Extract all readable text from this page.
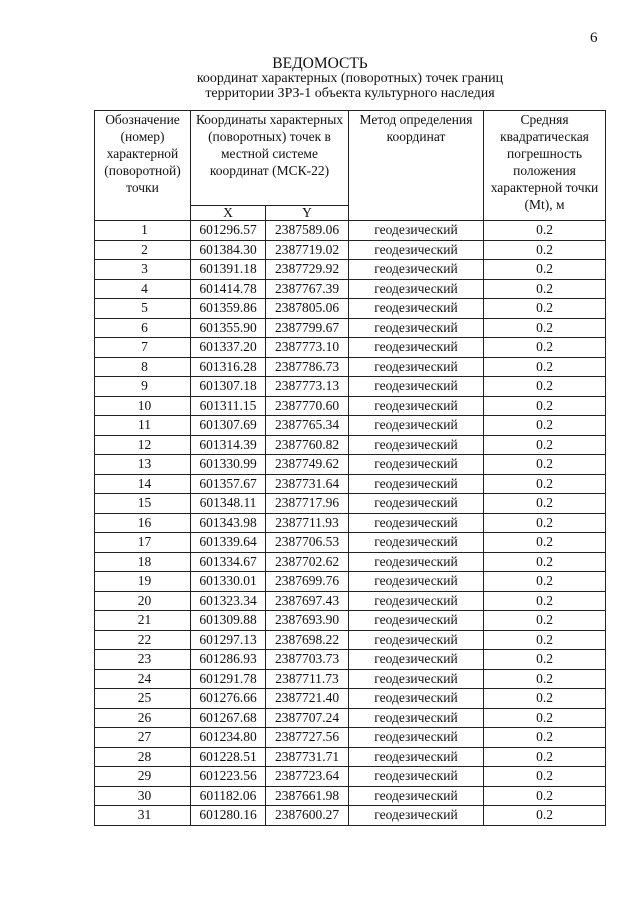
6
ВЕДОМОСТЬ
координат характерных (поворотных) точек границ
территории ЗРЗ-1 объекта культурного наследия
Обозначение (номер) характерной (поворотной) точки	Координаты характерных (поворотных) точек в местной системе координат (МСК-22)		Метод определения координат	Средняя квадратическая погрешность положения характерной точки (Mt), м
	X	Y		
1	601296.57	2387589.06	геодезический	0.2
2	601384.30	2387719.02	геодезический	0.2
3	601391.18	2387729.92	геодезический	0.2
4	601414.78	2387767.39	геодезический	0.2
5	601359.86	2387805.06	геодезический	0.2
6	601355.90	2387799.67	геодезический	0.2
7	601337.20	2387773.10	геодезический	0.2
8	601316.28	2387786.73	геодезический	0.2
9	601307.18	2387773.13	геодезический	0.2
10	601311.15	2387770.60	геодезический	0.2
11	601307.69	2387765.34	геодезический	0.2
12	601314.39	2387760.82	геодезический	0.2
13	601330.99	2387749.62	геодезический	0.2
14	601357.67	2387731.64	геодезический	0.2
15	601348.11	2387717.96	геодезический	0.2
16	601343.98	2387711.93	геодезический	0.2
17	601339.64	2387706.53	геодезический	0.2
18	601334.67	2387702.62	геодезический	0.2
19	601330.01	2387699.76	геодезический	0.2
20	601323.34	2387697.43	геодезический	0.2
21	601309.88	2387693.90	геодезический	0.2
22	601297.13	2387698.22	геодезический	0.2
23	601286.93	2387703.73	геодезический	0.2
24	601291.78	2387711.73	геодезический	0.2
25	601276.66	2387721.40	геодезический	0.2
26	601267.68	2387707.24	геодезический	0.2
27	601234.80	2387727.56	геодезический	0.2
28	601228.51	2387731.71	геодезический	0.2
29	601223.56	2387723.64	геодезический	0.2
30	601182.06	2387661.98	геодезический	0.2
31	601280.16	2387600.27	геодезический	0.2
